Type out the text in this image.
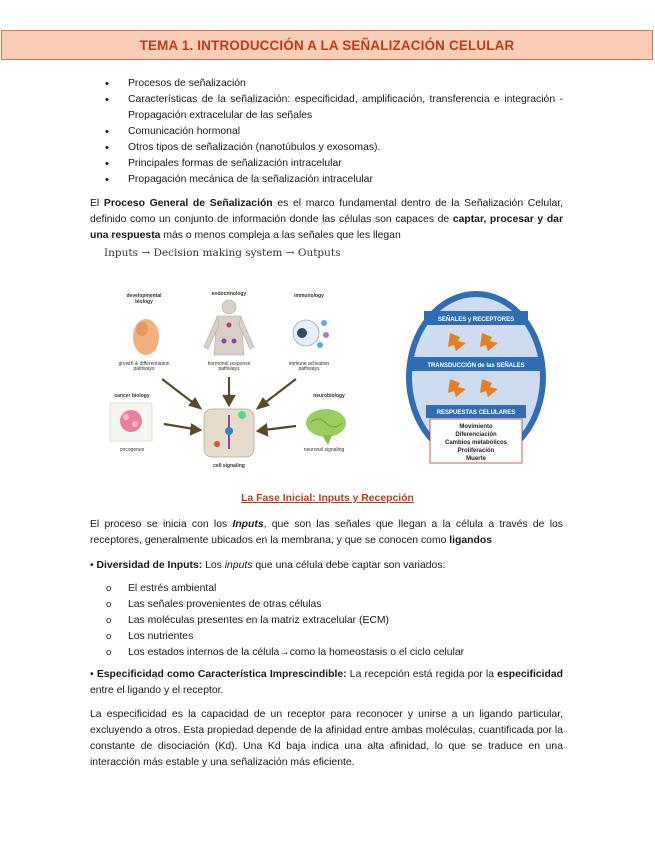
TEMA 1. INTRODUCCIÓN A LA SEÑALIZACIÓN CELULAR
• Procesos de señalización
• Características de la señalización: especificidad, amplificación, transferencia e integración - Propagación extracelular de las señales
• Comunicación hormonal
• Otros tipos de señalización (nanotúbulos y exosomas).
• Principales formas de señalización intracelular
• Propagación mecánica de la señalización intracelular

El Proceso General de Señalización es el marco fundamental dentro de la Señalización Celular, definido como un conjunto de información donde las células son capaces de captar, procesar y dar una respuesta más o menos compleja a las señales que les llegan

Inputs → Decision making system → Outputs
developmental
biology
endocrinology	immunology
growth & differentiation
pathways
hormonal response
pathways
immune activation
pathways
cancer biology	neurobiology
oncogenes	neuronal signaling
cell signaling
SEÑALES y RECEPTORES
TRANSDUCCIÓN de las SEÑALES
RESPUESTAS CELULARES
Movimiento
Diferenciación
Cambios metabólicos
Proliferación
Muerte
La Fase Inicial: Inputs y Recepción

El proceso se inicia con los Inputs, que son las señales que llegan a la célula a través de los receptores, generalmente ubicados en la membrana, y que se conocen como ligandos

• Diversidad de Inputs: Los inputs que una célula debe captar son variados:

o El estrés ambiental
o Las señales provenientes de otras células
o Las moléculas presentes en la matriz extracelular (ECM)
o Los nutrientes
o Los estados internos de la célula→como la homeostasis o el ciclo celular

• Especificidad como Característica Imprescindible: La recepción está regida por la especificidad entre el ligando y el receptor.

La especificidad es la capacidad de un receptor para reconocer y unirse a un ligando particular, excluyendo a otros. Esta propiedad depende de la afinidad entre ambas moléculas, cuantificada por la constante de disociación (Kd). Una Kd baja indica una alta afinidad, lo que se traduce en una interacción más estable y una señalización más eficiente.
